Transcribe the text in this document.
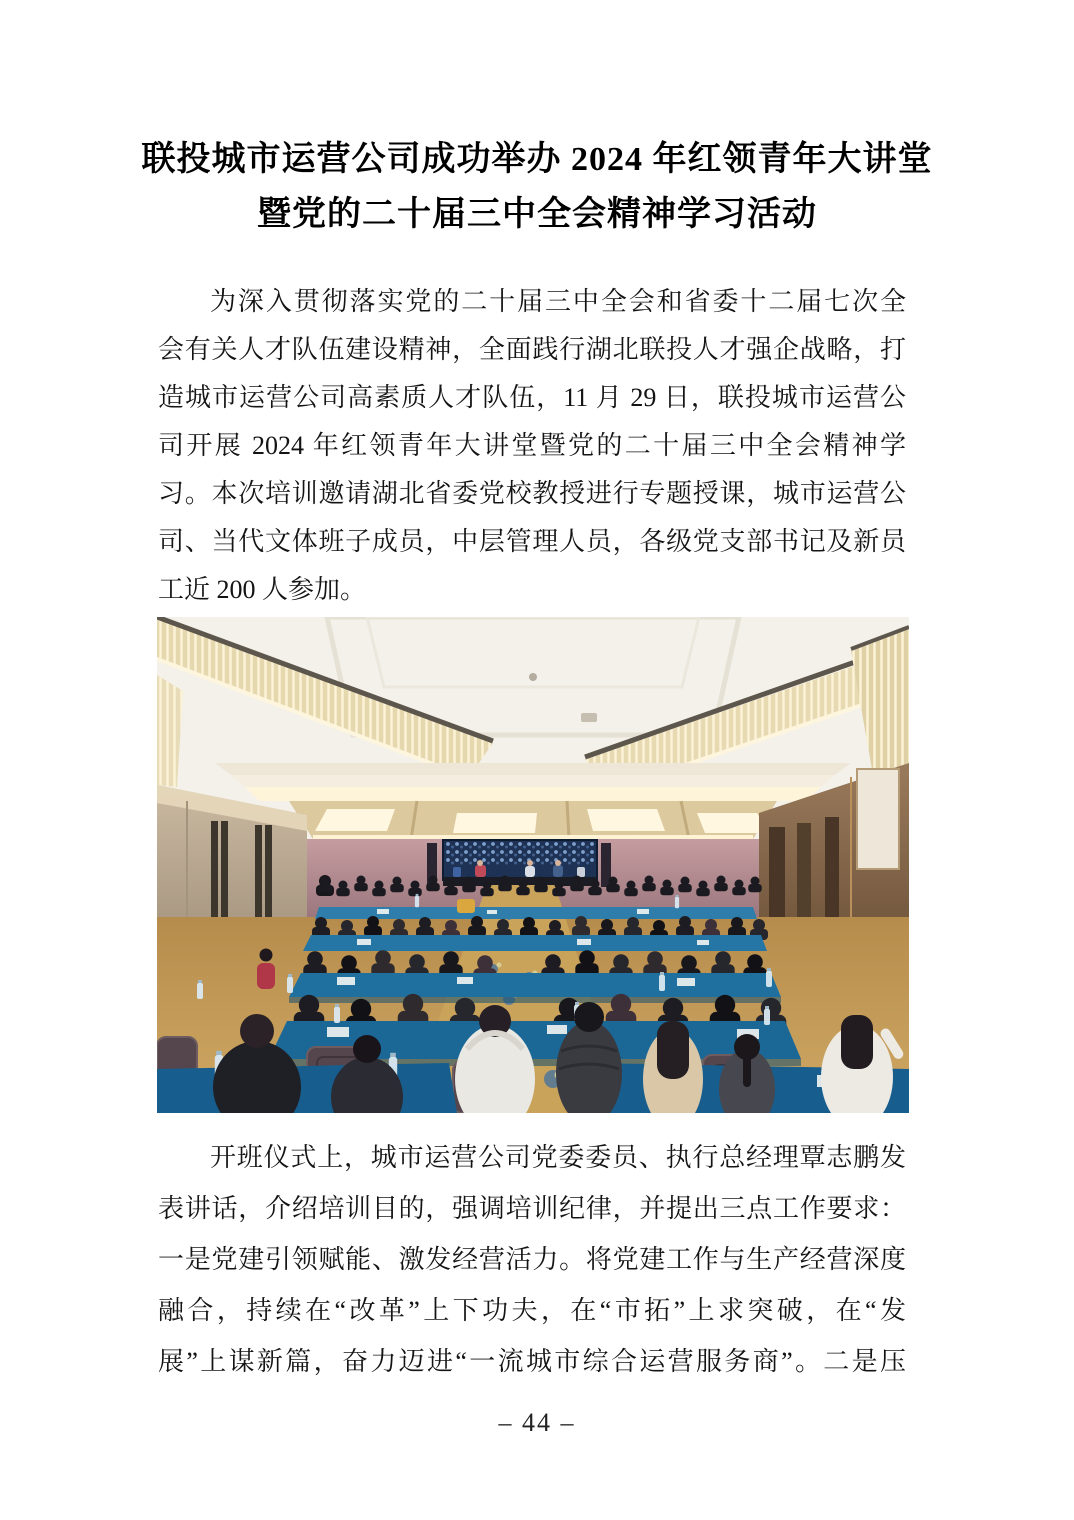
联投城市运营公司成功举办 2024 年红领青年大讲堂
暨党的二十届三中全会精神学习活动
为深入贯彻落实党的二十届三中全会和省委十二届七次全
会有关人才队伍建设精神，全面践行湖北联投人才强企战略，打
造城市运营公司高素质人才队伍，11 月 29 日，联投城市运营公
司开展 2024 年红领青年大讲堂暨党的二十届三中全会精神学
习。本次培训邀请湖北省委党校教授进行专题授课，城市运营公
司、当代文体班子成员，中层管理人员，各级党支部书记及新员
工近 200 人参加。
开班仪式上，城市运营公司党委委员、执行总经理覃志鹏发
表讲话，介绍培训目的，强调培训纪律，并提出三点工作要求：
一是党建引领赋能、激发经营活力。将党建工作与生产经营深度
融合，持续在“改革”上下功夫，在“市拓”上求突破，在“发
展”上谋新篇，奋力迈进“一流城市综合运营服务商”。二是压
– 44 –
